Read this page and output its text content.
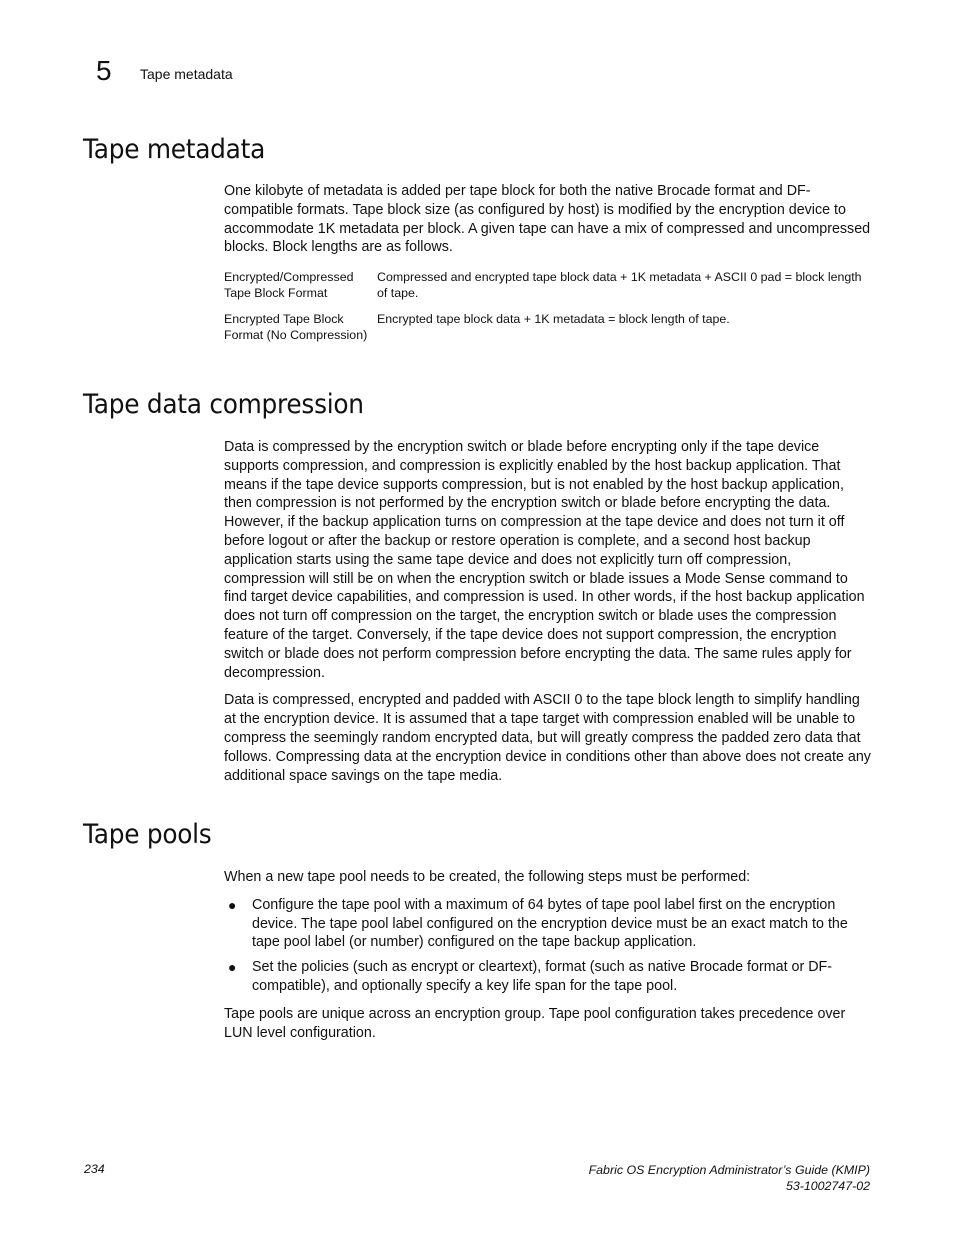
5 Tape metadata
Tape metadata

One kilobyte of metadata is added per tape block for both the native Brocade format and DF-compatible formats. Tape block size (as configured by host) is modified by the encryption device to accommodate 1K metadata per block. A given tape can have a mix of compressed and uncompressed blocks. Block lengths are as follows.

Encrypted/Compressed Tape Block Format	Compressed and encrypted tape block data + 1K metadata + ASCII 0 pad = block length of tape.
Encrypted Tape Block Format (No Compression)	Encrypted tape block data + 1K metadata = block length of tape.
Tape data compression

Data is compressed by the encryption switch or blade before encrypting only if the tape device supports compression, and compression is explicitly enabled by the host backup application. That means if the tape device supports compression, but is not enabled by the host backup application, then compression is not performed by the encryption switch or blade before encrypting the data. However, if the backup application turns on compression at the tape device and does not turn it off before logout or after the backup or restore operation is complete, and a second host backup application starts using the same tape device and does not explicitly turn off compression, compression will still be on when the encryption switch or blade issues a Mode Sense command to find target device capabilities, and compression is used. In other words, if the host backup application does not turn off compression on the target, the encryption switch or blade uses the compression feature of the target. Conversely, if the tape device does not support compression, the encryption switch or blade does not perform compression before encrypting the data. The same rules apply for decompression.

Data is compressed, encrypted and padded with ASCII 0 to the tape block length to simplify handling at the encryption device. It is assumed that a tape target with compression enabled will be unable to compress the seemingly random encrypted data, but will greatly compress the padded zero data that follows. Compressing data at the encryption device in conditions other than above does not create any additional space savings on the tape media.

Tape pools

When a new tape pool needs to be created, the following steps must be performed:

● Configure the tape pool with a maximum of 64 bytes of tape pool label first on the encryption device. The tape pool label configured on the encryption device must be an exact match to the tape pool label (or number) configured on the tape backup application.
● Set the policies (such as encrypt or cleartext), format (such as native Brocade format or DF-compatible), and optionally specify a key life span for the tape pool.

Tape pools are unique across an encryption group. Tape pool configuration takes precedence over LUN level configuration.

234	Fabric OS Encryption Administrator’s Guide (KMIP)
53-1002747-02
